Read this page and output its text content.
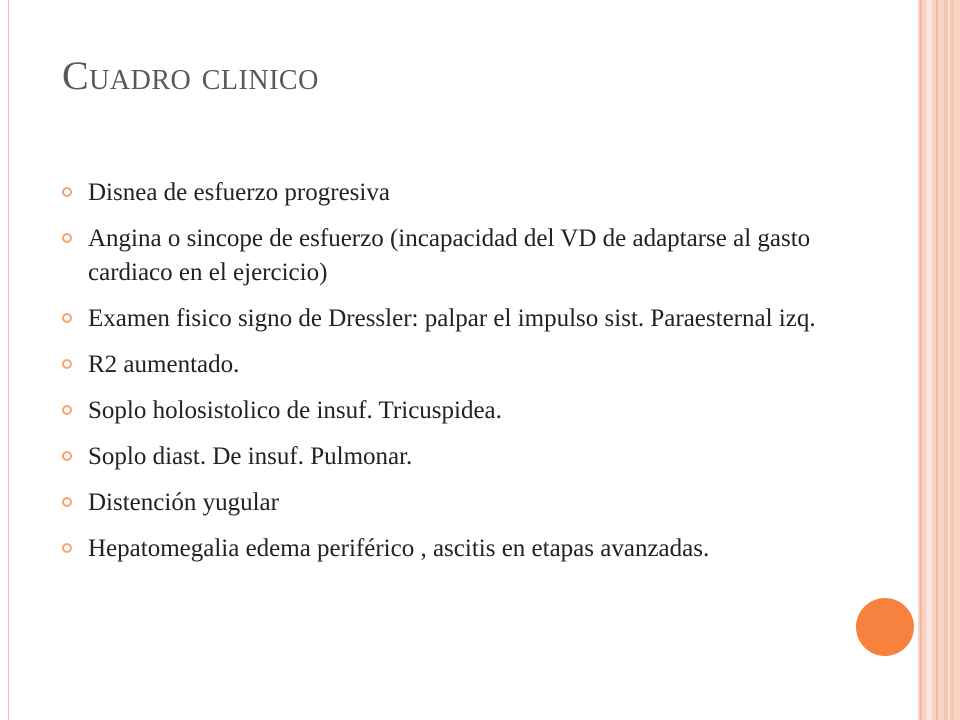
Cuadro clinico
Disnea de esfuerzo progresiva
Angina o sincope de esfuerzo (incapacidad del VD de adaptarse al gasto cardiaco en el ejercicio)
Examen fisico signo de Dressler: palpar el impulso sist. Paraesternal izq.
R2 aumentado.
Soplo holosistolico de insuf. Tricuspidea.
Soplo diast. De insuf. Pulmonar.
Distención yugular
Hepatomegalia edema periférico , ascitis en etapas avanzadas.
